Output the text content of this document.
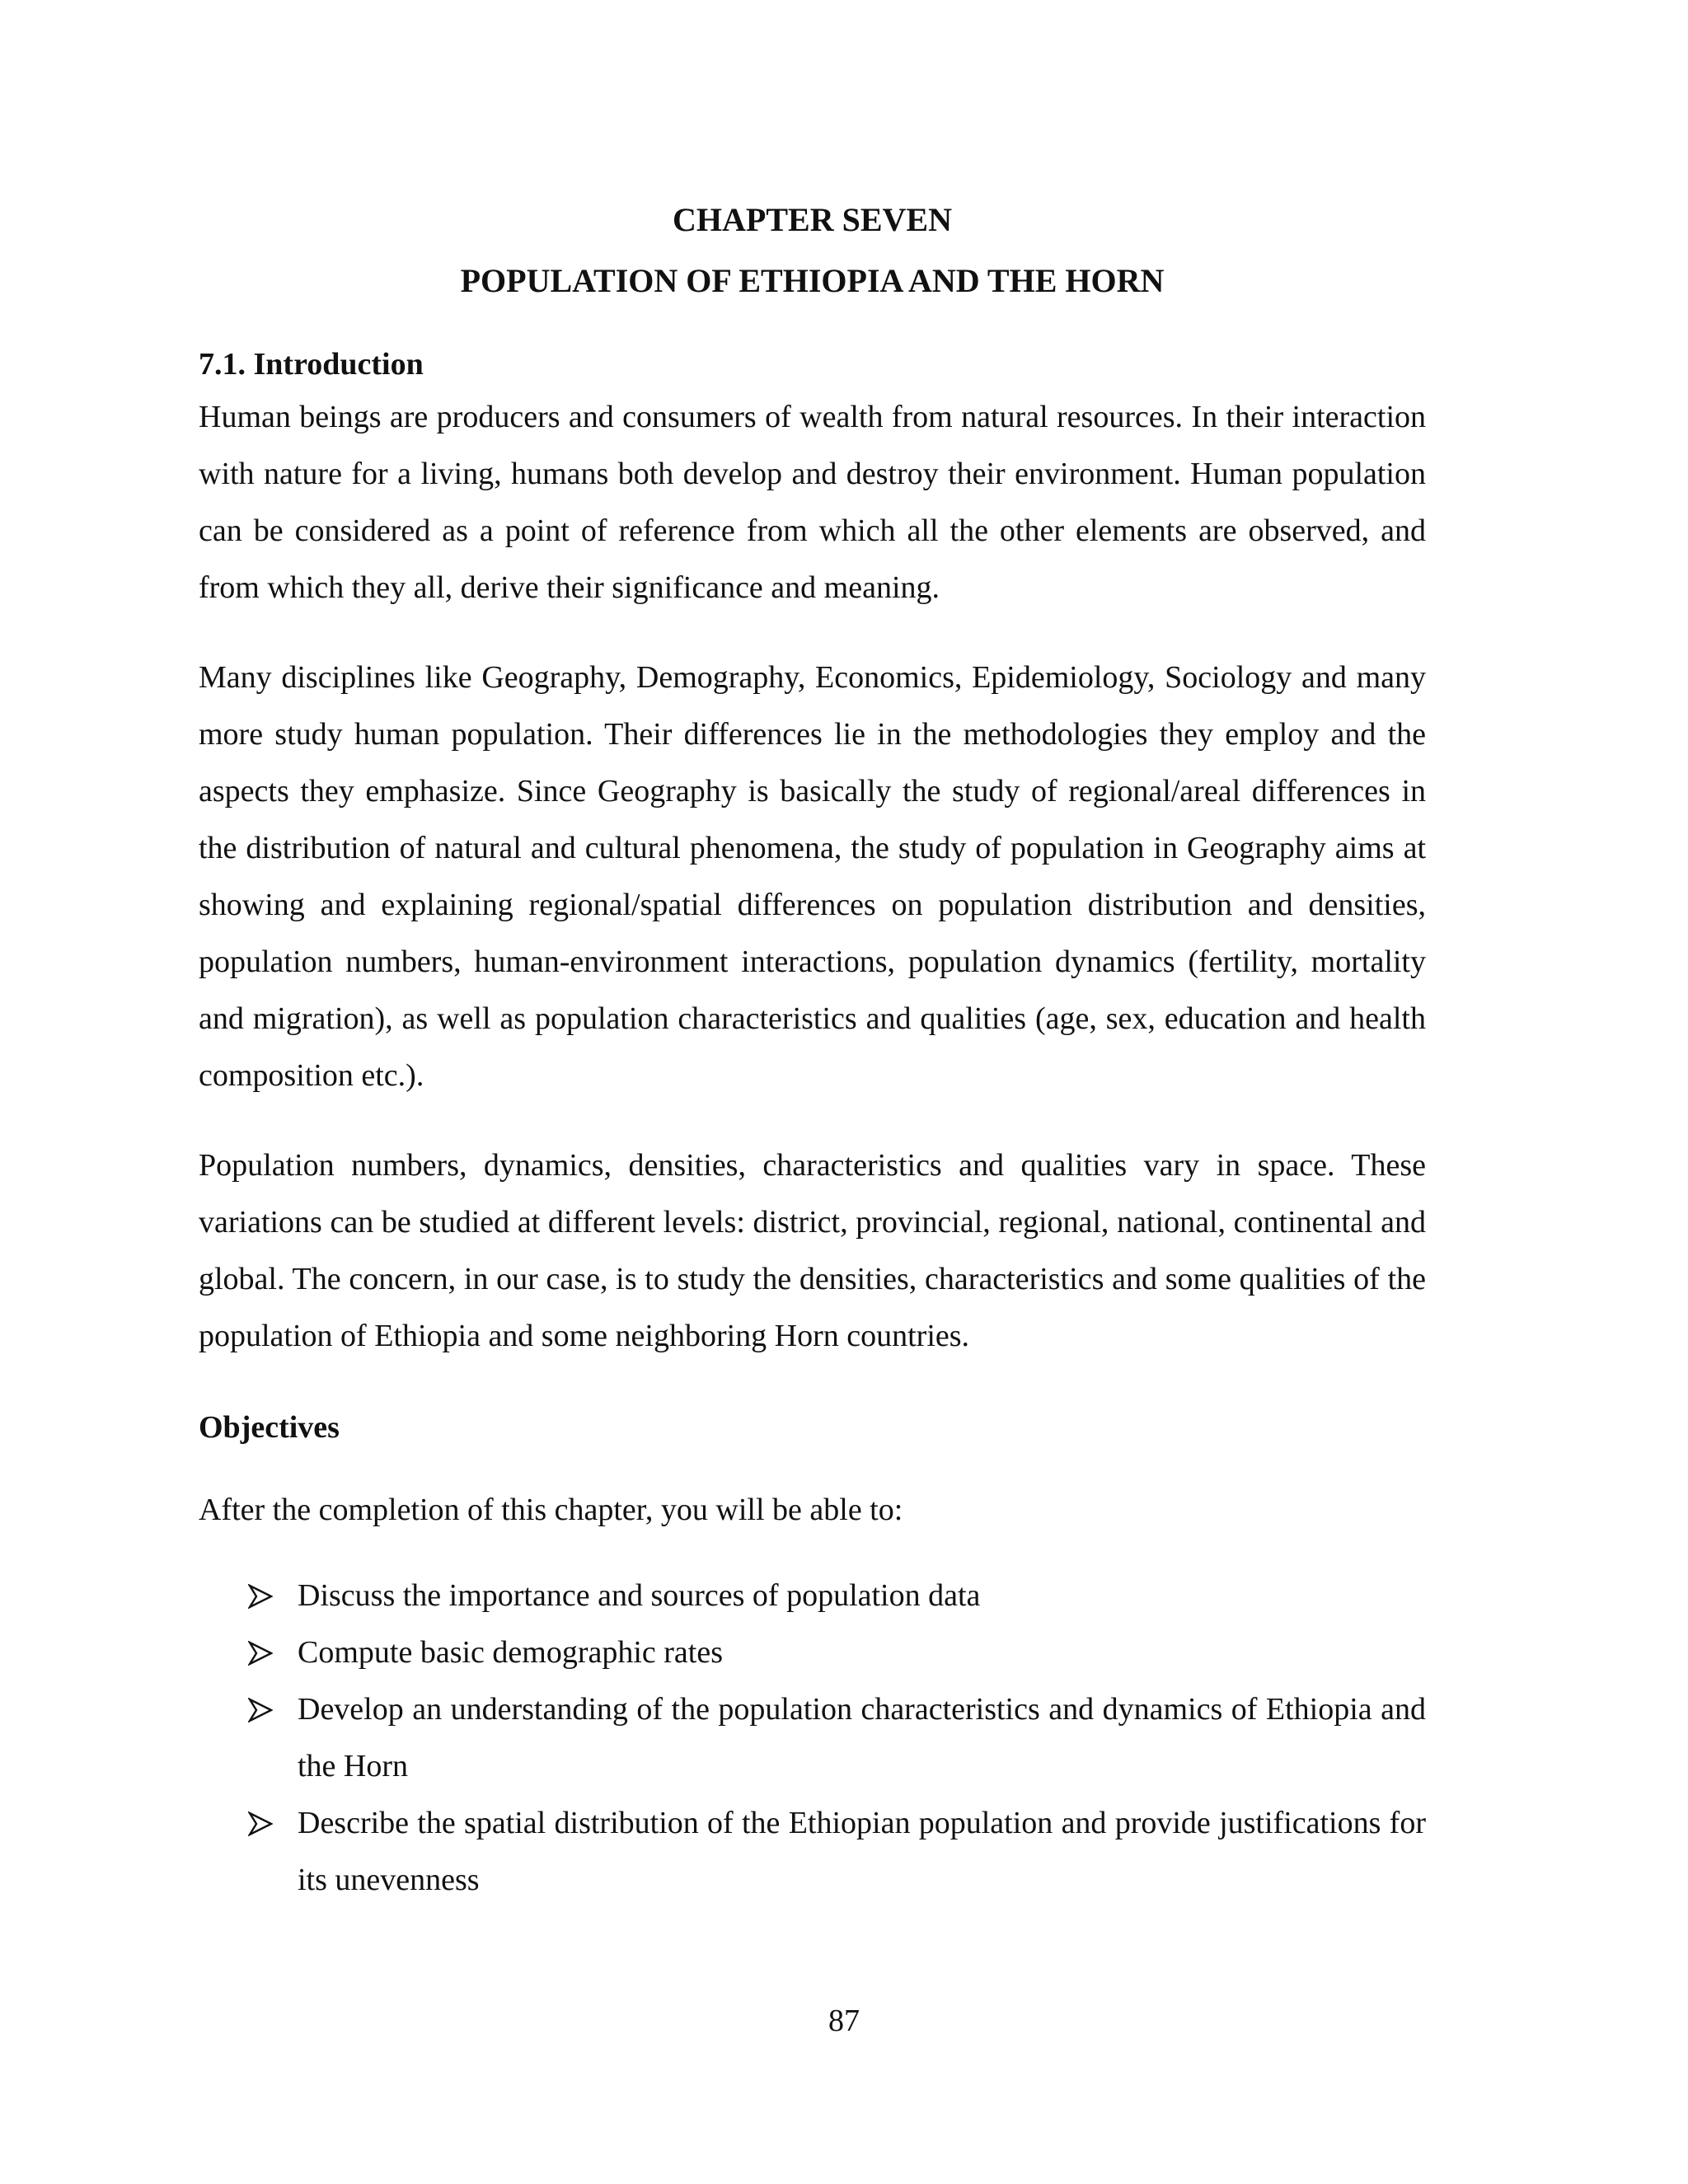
CHAPTER SEVEN
POPULATION OF ETHIOPIA AND THE HORN
7.1. Introduction

Human beings are producers and consumers of wealth from natural resources. In their interaction with nature for a living, humans both develop and destroy their environment. Human population can be considered as a point of reference from which all the other elements are observed, and from which they all, derive their significance and meaning.

Many disciplines like Geography, Demography, Economics, Epidemiology, Sociology and many more study human population. Their differences lie in the methodologies they employ and the aspects they emphasize. Since Geography is basically the study of regional/areal differences in the distribution of natural and cultural phenomena, the study of population in Geography aims at showing and explaining regional/spatial differences on population distribution and densities, population numbers, human-environment interactions, population dynamics (fertility, mortality and migration), as well as population characteristics and qualities (age, sex, education and health composition etc.).

Population numbers, dynamics, densities, characteristics and qualities vary in space. These variations can be studied at different levels: district, provincial, regional, national, continental and global. The concern, in our case, is to study the densities, characteristics and some qualities of the population of Ethiopia and some neighboring Horn countries.

Objectives

After the completion of this chapter, you will be able to:

Discuss the importance and sources of population data
Compute basic demographic rates
Develop an understanding of the population characteristics and dynamics of Ethiopia and the Horn
Describe the spatial distribution of the Ethiopian population and provide justifications for its unevenness
87
